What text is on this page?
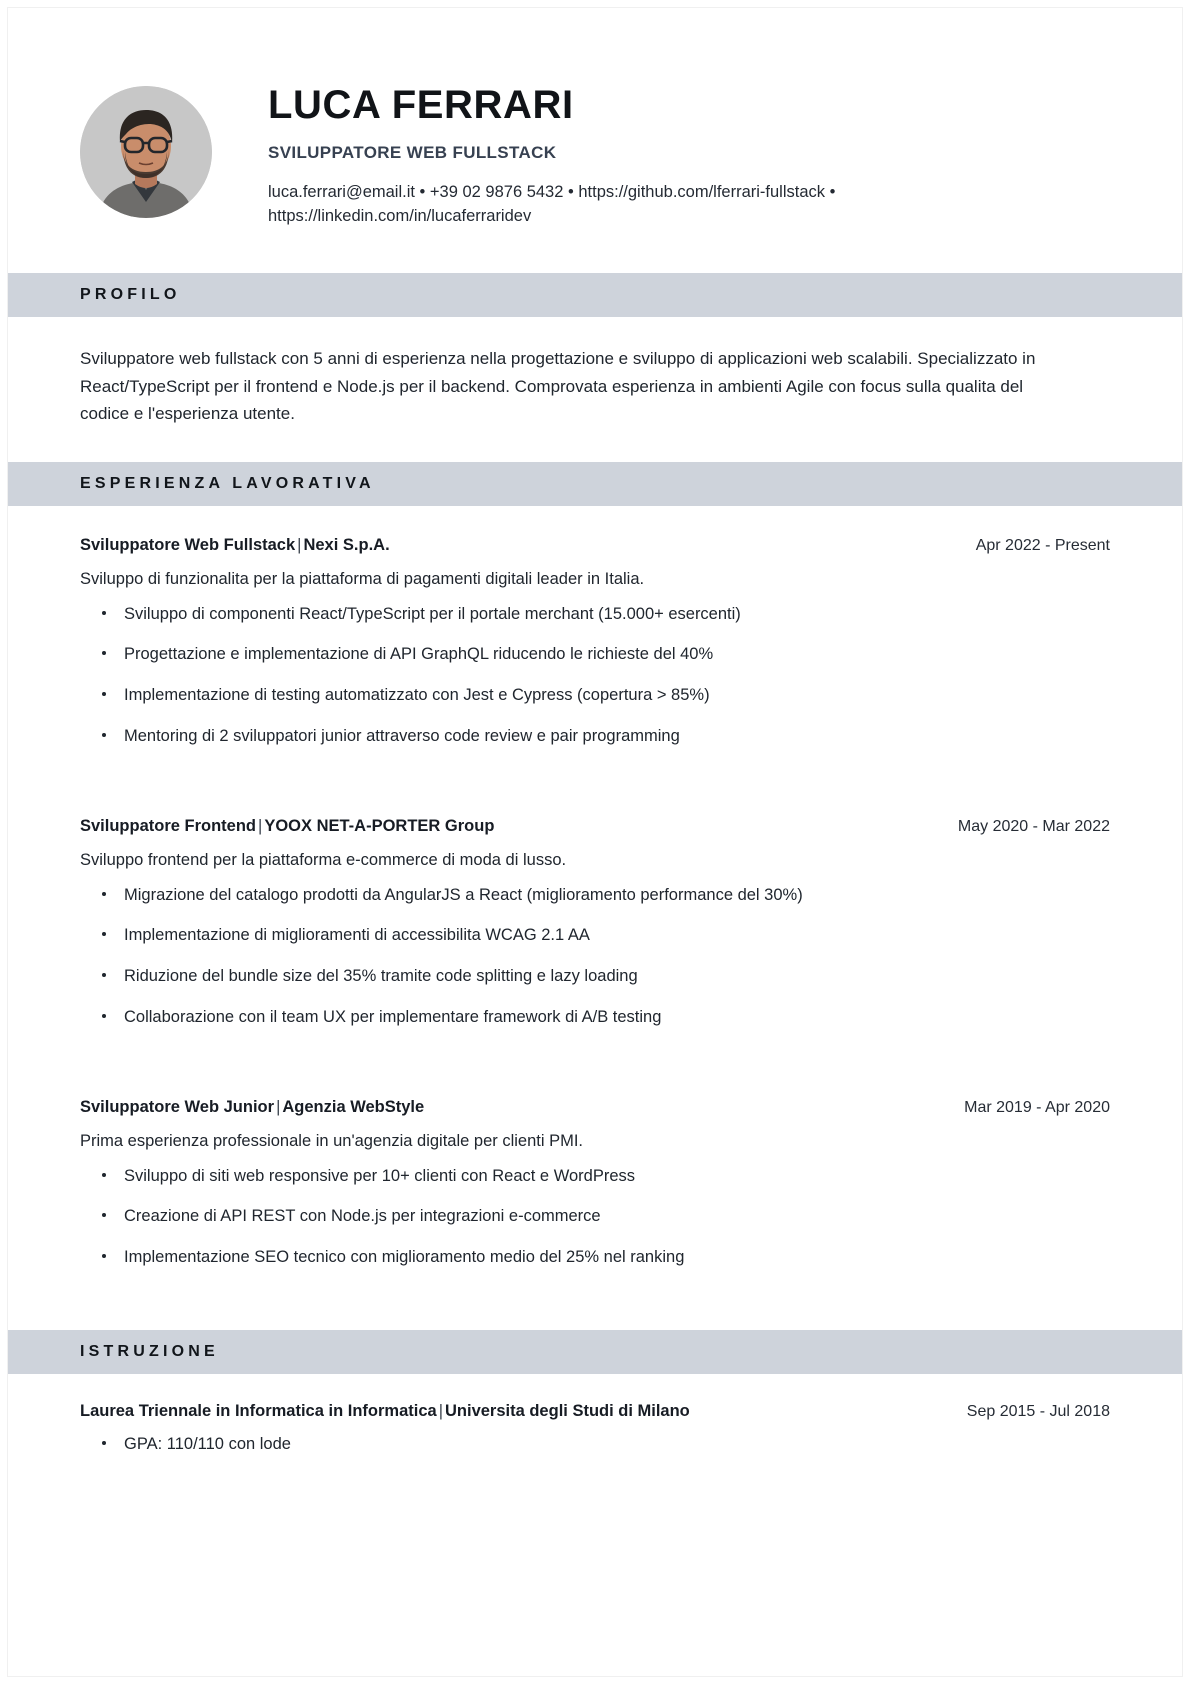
LUCA FERRARI
SVILUPPATORE WEB FULLSTACK
luca.ferrari@email.it • +39 02 9876 5432 • https://github.com/lferrari-fullstack • https://linkedin.com/in/lucaferraridev
PROFILO
Sviluppatore web fullstack con 5 anni di esperienza nella progettazione e sviluppo di applicazioni web scalabili. Specializzato in React/TypeScript per il frontend e Node.js per il backend. Comprovata esperienza in ambienti Agile con focus sulla qualita del codice e l'esperienza utente.
ESPERIENZA LAVORATIVA
Sviluppatore Web Fullstack | Nexi S.p.A.	Apr 2022 - Present
Sviluppo di funzionalita per la piattaforma di pagamenti digitali leader in Italia.
Sviluppo di componenti React/TypeScript per il portale merchant (15.000+ esercenti)
Progettazione e implementazione di API GraphQL riducendo le richieste del 40%
Implementazione di testing automatizzato con Jest e Cypress (copertura > 85%)
Mentoring di 2 sviluppatori junior attraverso code review e pair programming
Sviluppatore Frontend | YOOX NET-A-PORTER Group	May 2020 - Mar 2022
Sviluppo frontend per la piattaforma e-commerce di moda di lusso.
Migrazione del catalogo prodotti da AngularJS a React (miglioramento performance del 30%)
Implementazione di miglioramenti di accessibilita WCAG 2.1 AA
Riduzione del bundle size del 35% tramite code splitting e lazy loading
Collaborazione con il team UX per implementare framework di A/B testing
Sviluppatore Web Junior | Agenzia WebStyle	Mar 2019 - Apr 2020
Prima esperienza professionale in un'agenzia digitale per clienti PMI.
Sviluppo di siti web responsive per 10+ clienti con React e WordPress
Creazione di API REST con Node.js per integrazioni e-commerce
Implementazione SEO tecnico con miglioramento medio del 25% nel ranking
ISTRUZIONE
Laurea Triennale in Informatica in Informatica | Universita degli Studi di Milano	Sep 2015 - Jul 2018
GPA: 110/110 con lode
